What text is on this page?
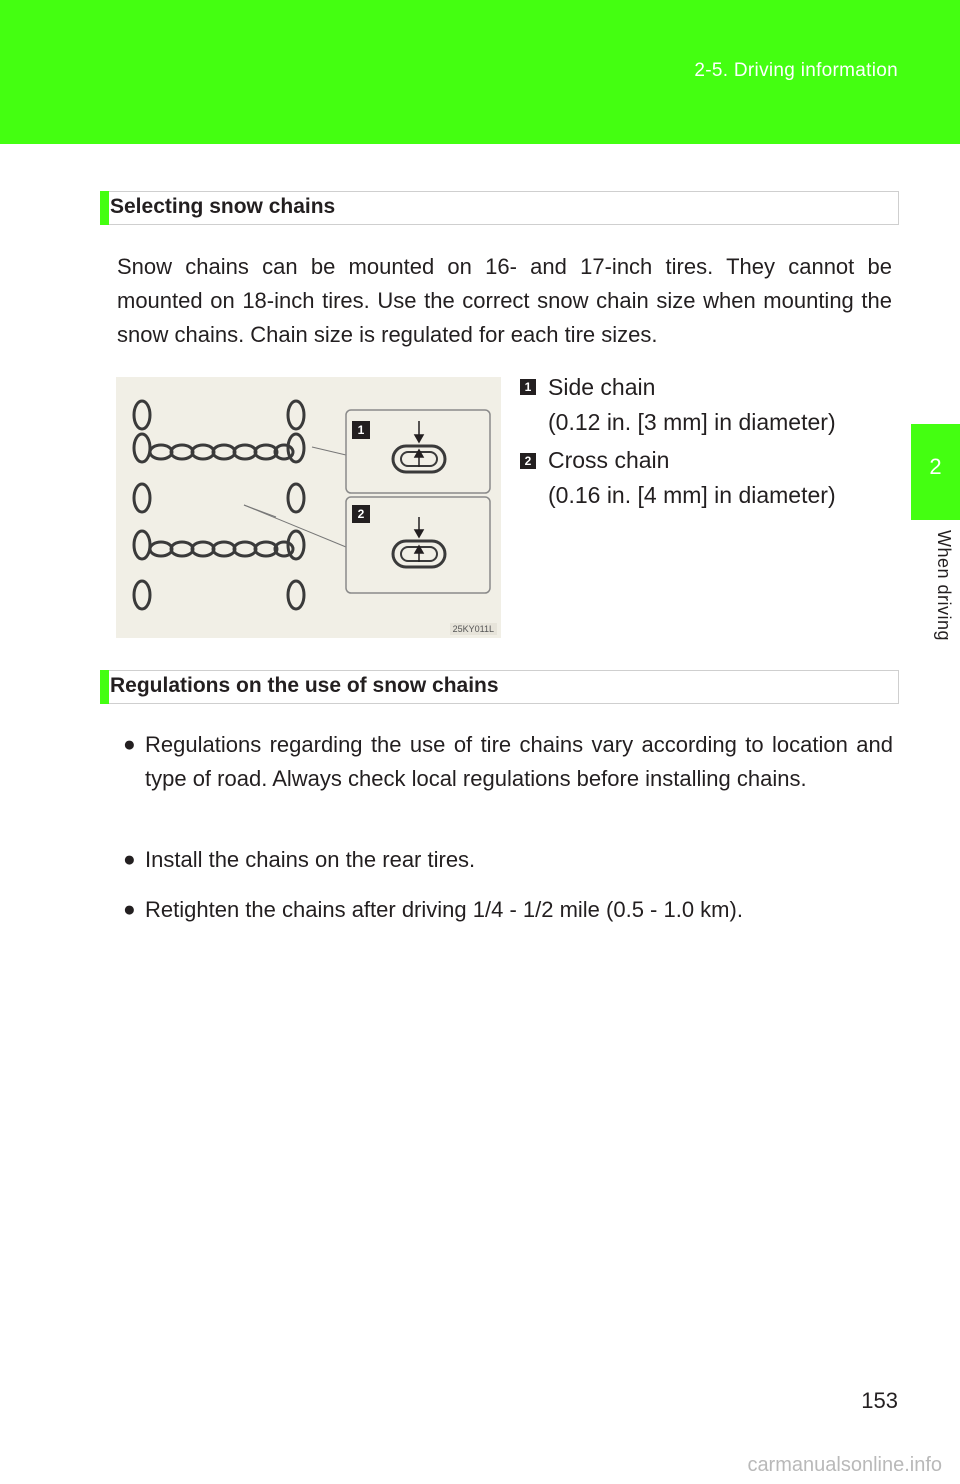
2-5. Driving information
2
When driving
Selecting snow chains
Snow chains can be mounted on 16- and 17-inch tires. They cannot be mounted on 18-inch tires. Use the correct snow chain size when mounting the snow chains. Chain size is regulated for each tire sizes.
1
2
25KY011L
1 Side chain
(0.12 in. [3 mm] in diameter)
2 Cross chain
(0.16 in. [4 mm] in diameter)
Regulations on the use of snow chains
● Regulations regarding the use of tire chains vary according to location and type of road. Always check local regulations before installing chains.
● Install the chains on the rear tires.
● Retighten the chains after driving 1/4 - 1/2 mile (0.5 - 1.0 km).
153
carmanualsonline.info
